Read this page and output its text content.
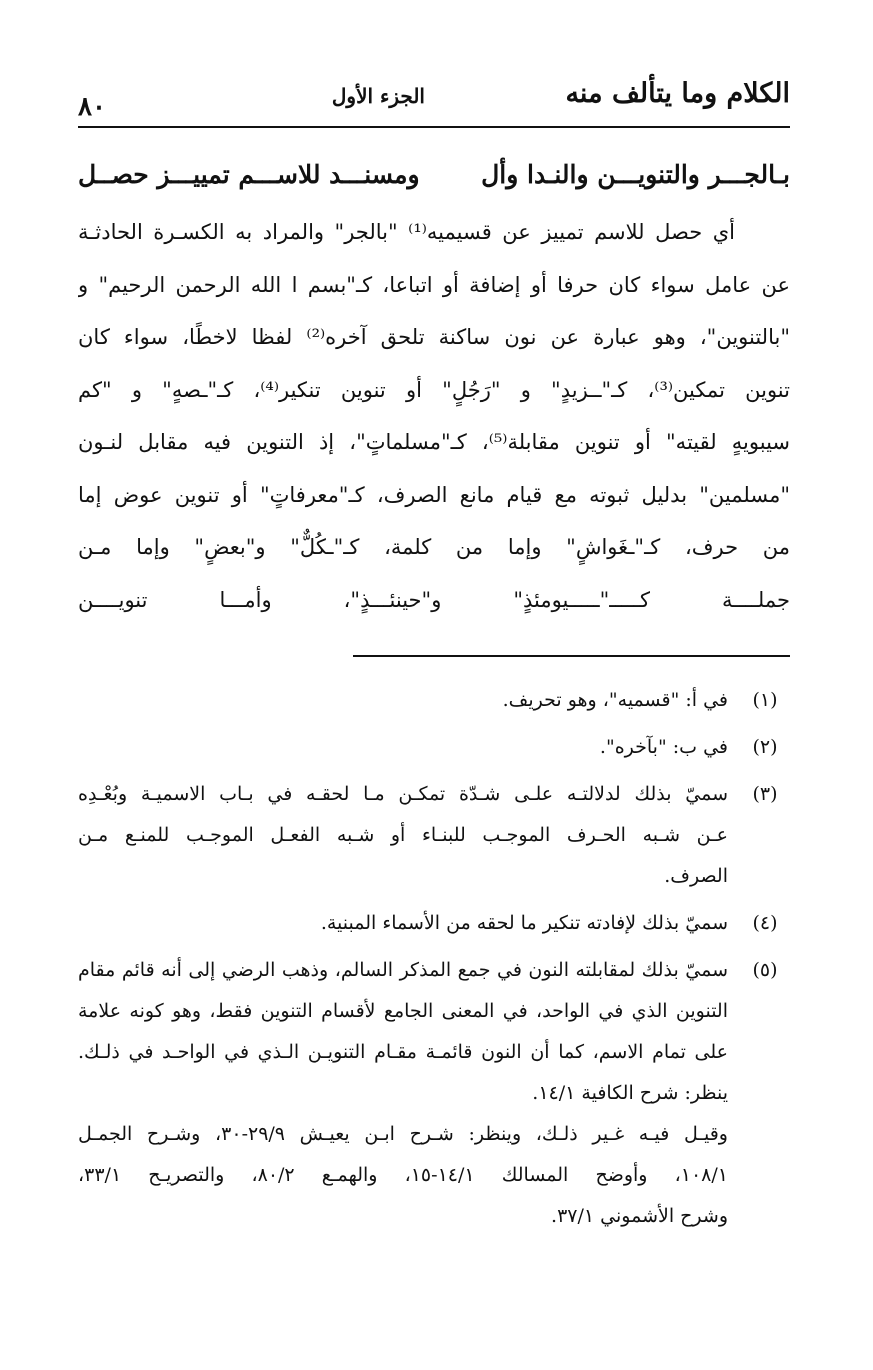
الكلام وما يتألف منه
الجزء الأول
٨٠
بـالجـــر والتنويـــن والنـدا وأل
ومسنـــد للاســـم تمييـــز حصــل
أي حصل للاسم تمييز عن قسيميه⁽¹⁾ "بالجر" والمراد به الكسـرة الحادثـة
عن عامل سواء كان حرفا أو إضافة أو اتباعا، كـ"بسم ا الله الرحمن الرحيم" و
"بالتنوين"، وهو عبارة عن نون ساكنة تلحق آخره⁽²⁾ لفظا لاخطًا، سواء كان
تنوين تمكين⁽³⁾، كـ"ــزيدٍ" و "رَجُلٍ" أو تنوين تنكير⁽⁴⁾، كـ"ـصهٍ" و "كم
سيبويهٍ لقيته" أو تنوين مقابلة⁽⁵⁾، كـ"مسلماتٍ"، إذ التنوين فيه مقابل لنـون
"مسلمين" بدليل ثبوته مع قيام مانع الصرف، كـ"معرفاتٍ" أو تنوين عوض إما
من حرف، كـ"ـغَواشٍ" وإما من كلمة، كـ"ـكُلٌّ" و"بعضٍ" وإما مـن
جملــــة كـــــ"ـــــيومئذٍ" و"حينئـــذٍ"، وأمـــا تنويــــن
(١)
في أ: "قسميه"، وهو تحريف.
(٢)
في ب: "بآخره".
(٣)
سميّ بذلك لدلالتـه علـى شـدّة تمكـن مـا لحقـه في بـاب الاسميـة وبُعْـدِه
عـن شـبه الحـرف الموجـب للبنـاء أو شـبه الفعـل الموجـب للمنـع مـن
الصرف.
(٤)
سميّ بذلك لإفادته تنكير ما لحقه من الأسماء المبنية.
(٥)
سميّ بذلك لمقابلته النون في جمع المذكر السالم، وذهب الرضي إلى أنه قائم مقام
التنوين الذي في الواحد، في المعنى الجامع لأقسام التنوين فقط، وهو كونه علامة
على تمام الاسم، كما أن النون قائمـة مقـام التنويـن الـذي في الواحـد في ذلـك.
ينظر: شرح الكافية ١٤/١.
وقيـل فيـه غـير ذلـك، وينظر: شـرح ابـن يعيـش ٢٩/٩-٣٠، وشـرح الجمـل
١٠٨/١، وأوضح المسالك ١٤/١-١٥، والهمـع ٨٠/٢، والتصريـح ٣٣/١،
وشرح الأشموني ٣٧/١.
